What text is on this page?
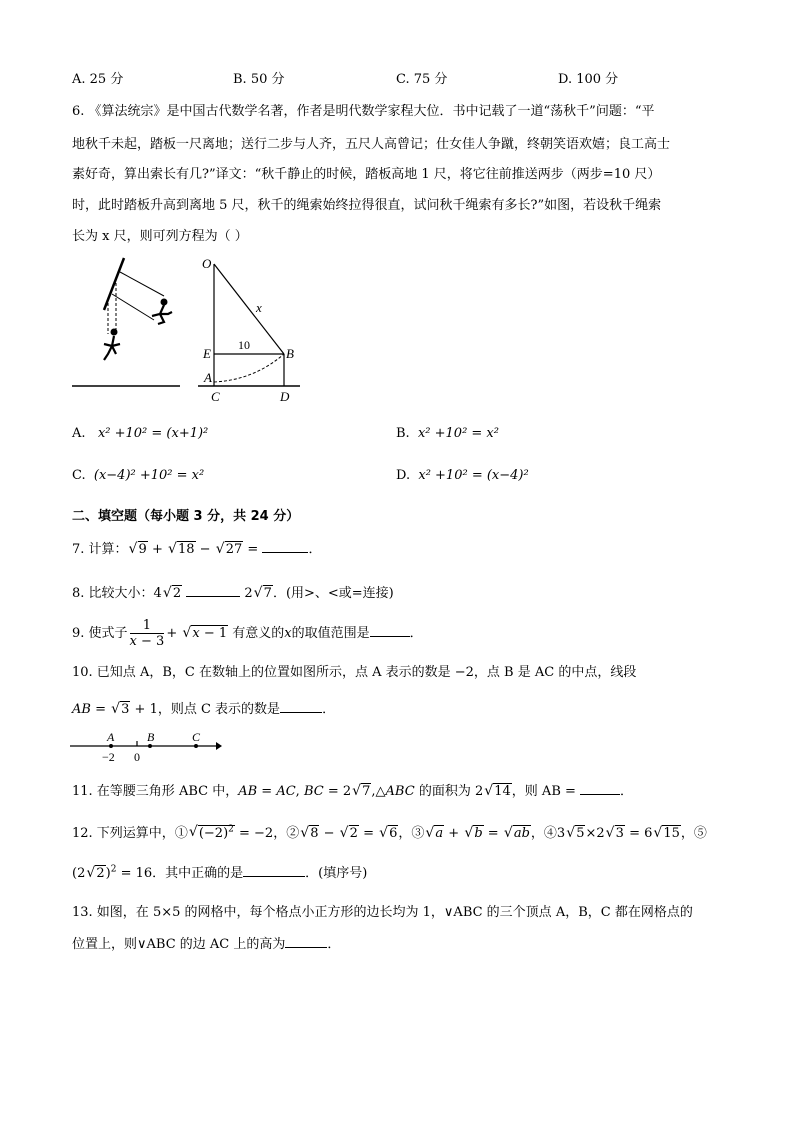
A. 25 分	B. 50 分	C. 75 分	D. 100 分
6. 《算法统宗》是中国古代数学名著，作者是明代数学家程大位．书中记载了一道“荡秋千”问题：“平
地秋千未起，踏板一尺离地；送行二步与人齐，五尺人高曾记；仕女佳人争蹴，终朝笑语欢嬉；良工高士
素好奇，算出索长有几?”译文：“秋千静止的时候，踏板高地 1 尺，将它往前推送两步（两步=10 尺）
时，此时踏板升高到离地 5 尺，秋千的绳索始终拉得很直，试问秋千绳索有多长?”如图，若设秋千绳索
长为 x 尺，则可列方程为（ ）
O
x
10
E	B
A
C	D
A. x² +10² = (x+1)²	B. x² +10² = x²
C. (x−4)² +10² = x²	D. x² +10² = (x−4)²
二、填空题（每小题 3 分，共 24 分）
7. 计算： √ 9 + √ 18 − √ 27 =	．
8. 比较大小：4 √ 2	2 √ 7．(用>、<或=连接)
9. 使式子 $\frac{1}{x - 3}$ + √ x − 1 有意义的x的取值范围是	．
10. 已知点 A，B，C 在数轴上的位置如图所示，点 A 表示的数是 −2，点 B 是 AC 的中点，线段
AB = √ 3 + 1，则点 C 表示的数是	．
A	B	C
−2 0
11. 在等腰三角形 ABC 中，AB = AC, BC = 2 √ 7,△ABC 的面积为 2 √ 14，则 AB =	．
12. 下列运算中，① √ $(-2)^2 = -2$，② √ 8 − √ 2 = √ 6，③ √ a + √ b = √ ab，④3 √ 5×2 √ 3 = 6 √ 15，⑤
(2 √ 2)$^2$ = 16．其中正确的是	．(填序号)
13. 如图，在 5×5 的网格中，每个格点小正方形的边长均为 1，∨ABC 的三个顶点 A，B，C 都在网格点的
位置上，则∨ABC 的边 AC 上的高为	．
